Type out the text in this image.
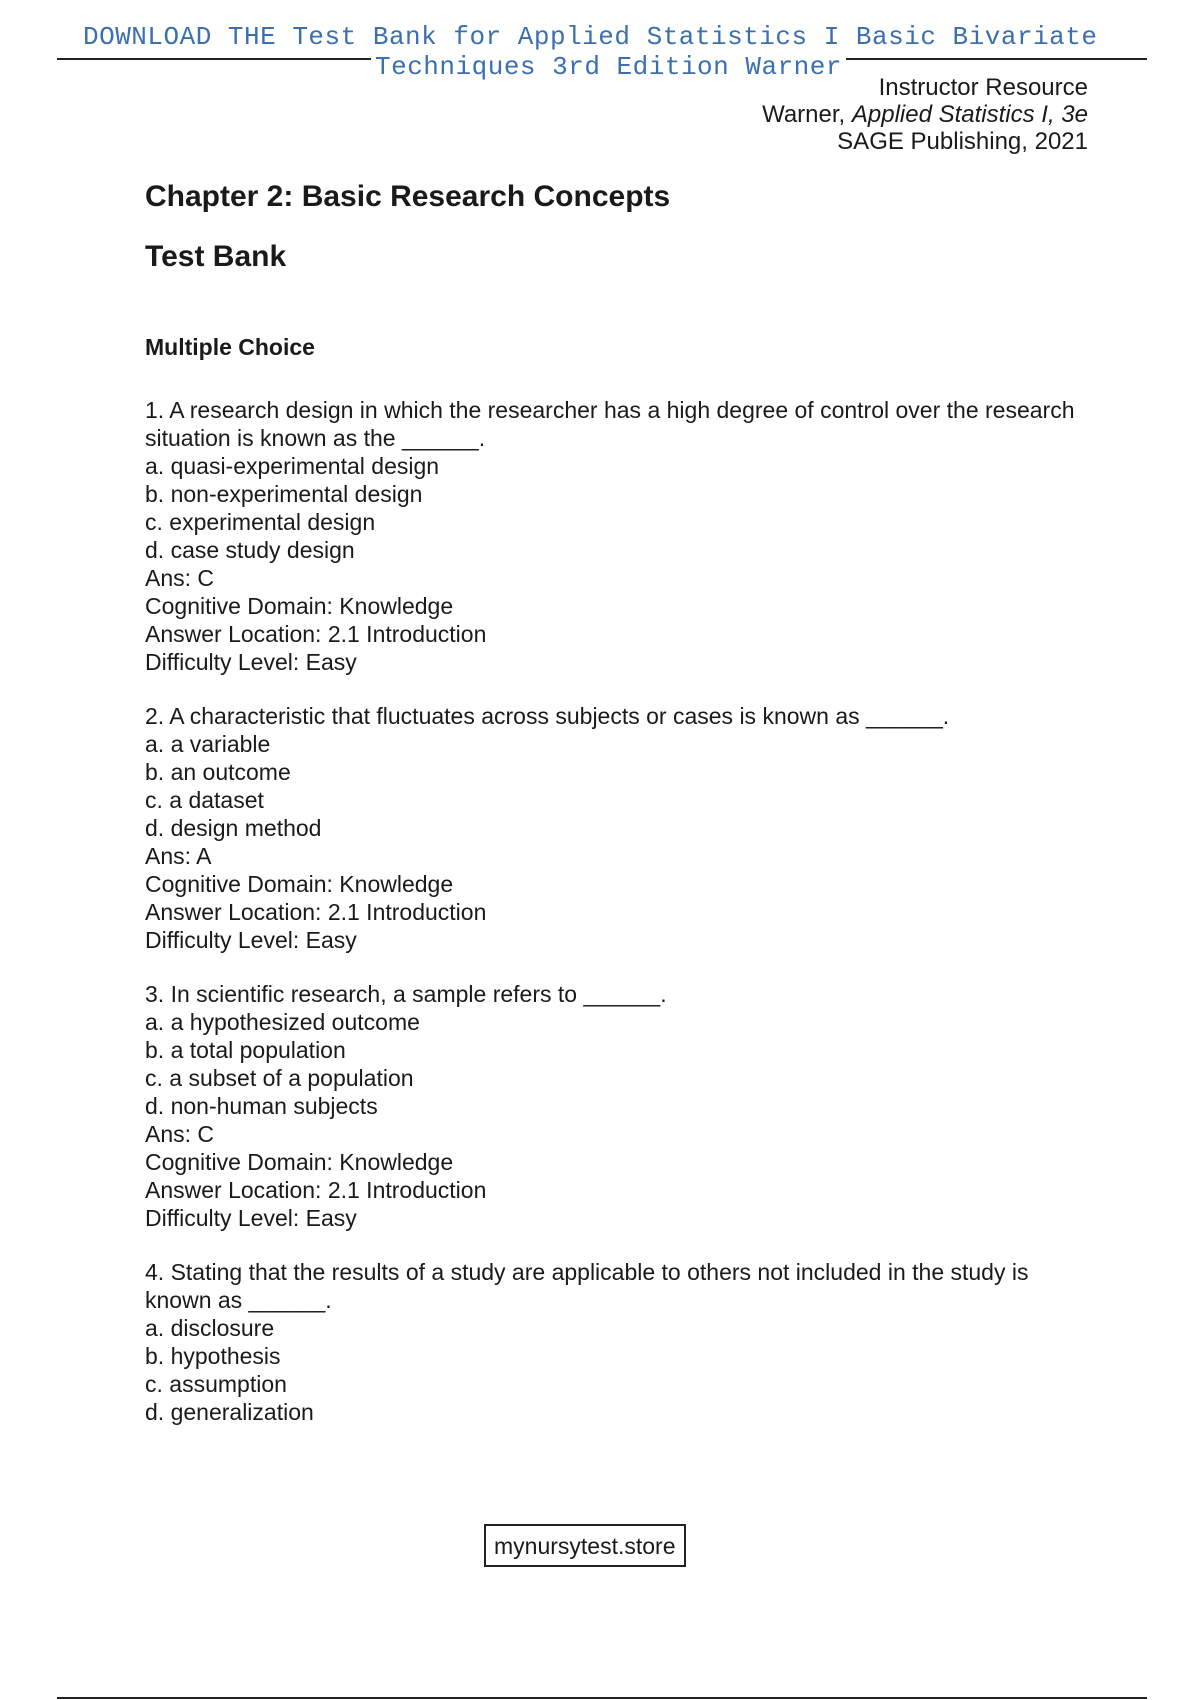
DOWNLOAD THE Test Bank for Applied Statistics I Basic Bivariate
Techniques 3rd Edition Warner
Instructor Resource
Warner, Applied Statistics I, 3e
SAGE Publishing, 2021
Chapter 2: Basic Research Concepts
Test Bank
Multiple Choice

1. A research design in which the researcher has a high degree of control over the research situation is known as the ______.

a. quasi-experimental design

b. non-experimental design

c. experimental design

d. case study design

Ans: C

Cognitive Domain: Knowledge

Answer Location: 2.1 Introduction

Difficulty Level: Easy

2. A characteristic that fluctuates across subjects or cases is known as ______.

a. a variable

b. an outcome

c. a dataset

d. design method

Ans: A

Cognitive Domain: Knowledge

Answer Location: 2.1 Introduction

Difficulty Level: Easy

3. In scientific research, a sample refers to ______.

a. a hypothesized outcome

b. a total population

c. a subset of a population

d. non-human subjects

Ans: C

Cognitive Domain: Knowledge

Answer Location: 2.1 Introduction

Difficulty Level: Easy

4. Stating that the results of a study are applicable to others not included in the study is known as ______.

a. disclosure

b. hypothesis

c. assumption

d. generalization

mynursytest.store
